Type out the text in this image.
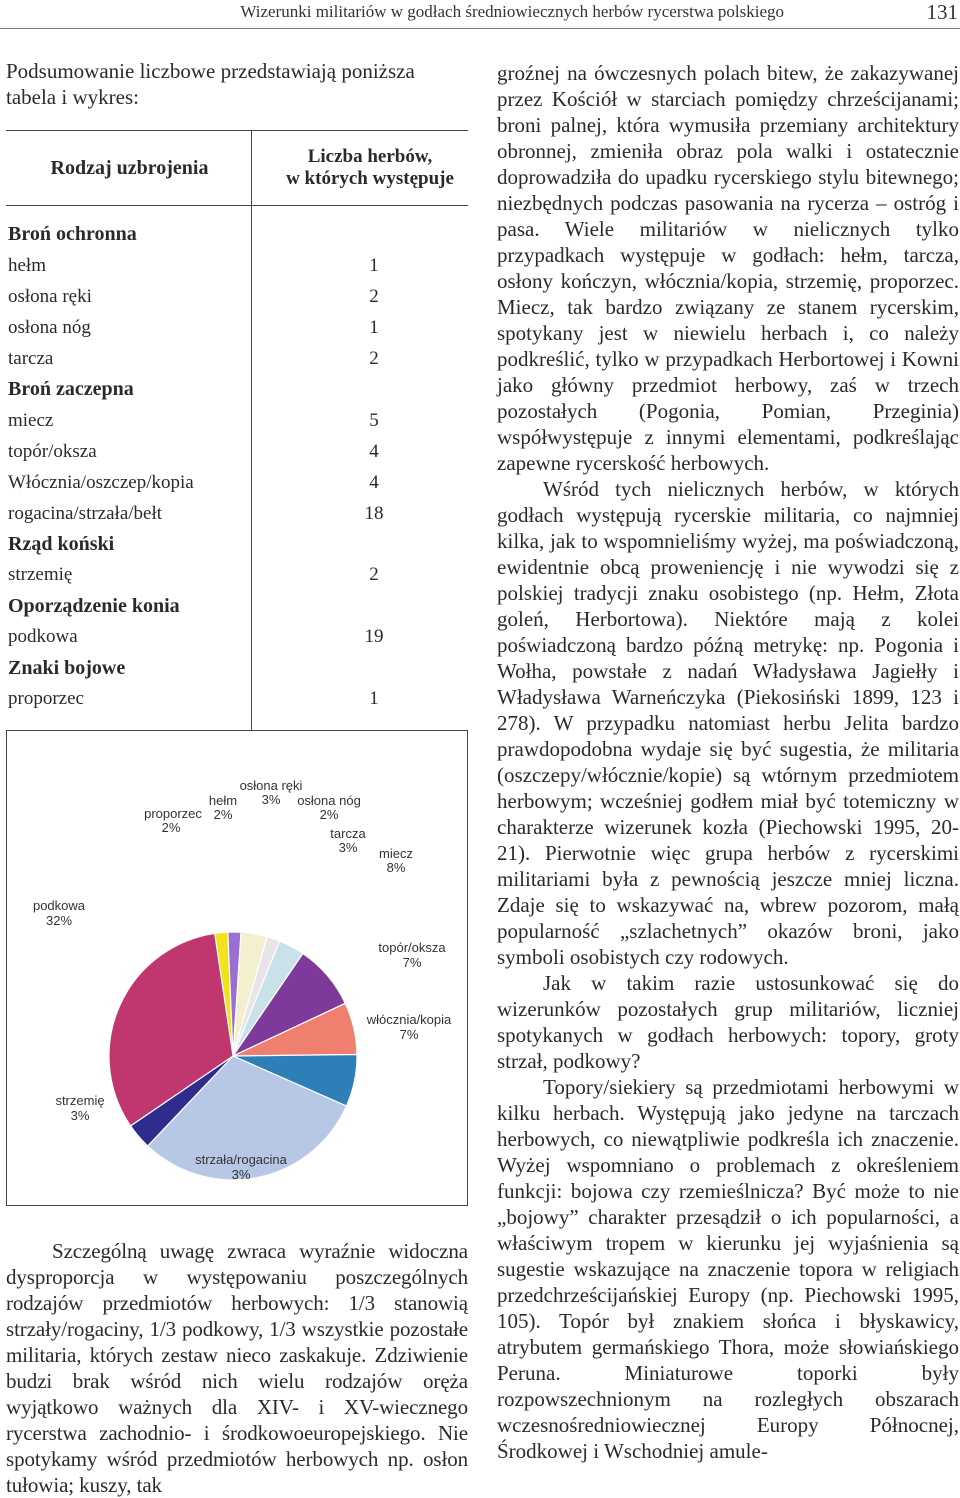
Wizerunki militariów w godłach średniowiecznych herbów rycerstwa polskiego	131

Podsumowanie liczbowe przedstawiają poniższa tabela i wykres:

Rodzaj uzbrojenia	Liczba herbów,
w których występuje

Broń ochronna	
hełm	1
osłona ręki	2
osłona nóg	1
tarcza	2
Broń zaczepna	
miecz	5
topór/oksza	4
Włócznia/oszczep/kopia	4
rogacina/strzała/bełt	18
Rząd koński	
strzemię	2
Oporządzenie konia	
podkowa	19
Znaki bojowe	
proporzec	1

proporzec
2%
hełm
2%
osłona ręki
3% osłona nóg
2%
tarcza
3% miecz
8%
topór/oksza
7%
włócznia/kopia
7%
strzała/rogacina
3%
strzemię
3%
podkowa
32%

Szczególną uwagę zwraca wyraźnie widoczna dysproporcja w występowaniu poszczególnych rodzajów przedmiotów herbowych: 1/3 stanowią strzały/rogaciny, 1/3 podkowy, 1/3 wszystkie pozostałe militaria, których zestaw nieco zaskakuje. Zdziwienie budzi brak wśród nich wielu rodzajów oręża wyjątkowo ważnych dla XIV- i XV-wiecznego rycerstwa zachodnio- i środkowoeuropejskiego. Nie spotykamy wśród przedmiotów herbowych np. osłon tułowia; kuszy, tak

groźnej na ówczesnych polach bitew, że zakazywanej przez Kościół w starciach pomiędzy chrześcijanami; broni palnej, która wymusiła przemiany architektury obronnej, zmieniła obraz pola walki i ostatecznie doprowadziła do upadku rycerskiego stylu bitewnego; niezbędnych podczas pasowania na rycerza – ostróg i pasa. Wiele militariów w nielicznych tylko przypadkach występuje w godłach: hełm, tarcza, osłony kończyn, włócznia/kopia, strzemię, proporzec. Miecz, tak bardzo związany ze stanem rycerskim, spotykany jest w niewielu herbach i, co należy podkreślić, tylko w przypadkach Herbortowej i Kowni jako główny przedmiot herbowy, zaś w trzech pozostałych (Pogonia, Pomian, Przeginia) współwystępuje z innymi elementami, podkreślając zapewne rycerskość herbowych.

Wśród tych nielicznych herbów, w których godłach występują rycerskie militaria, co najmniej kilka, jak to wspomnieliśmy wyżej, ma poświadczoną, ewidentnie obcą proweniencję i nie wywodzi się z polskiej tradycji znaku osobistego (np. Hełm, Złota goleń, Herbortowa). Niektóre mają z kolei poświadczoną bardzo późną metrykę: np. Pogonia i Wołha, powstałe z nadań Władysława Jagiełły i Władysława Warneńczyka (Piekosiński 1899, 123 i 278). W przypadku natomiast herbu Jelita bardzo prawdopodobna wydaje się być sugestia, że militaria (oszczepy/włócznie/kopie) są wtórnym przedmiotem herbowym; wcześniej godłem miał być totemiczny w charakterze wizerunek kozła (Piechowski 1995, 20-21). Pierwotnie więc grupa herbów z rycerskimi militariami była z pewnością jeszcze mniej liczna. Zdaje się to wskazywać na, wbrew pozorom, małą popularność „szlachetnych” okazów broni, jako symboli osobistych czy rodowych.

Jak w takim razie ustosunkować się do wizerunków pozostałych grup militariów, liczniej spotykanych w godłach herbowych: topory, groty strzał, podkowy?

Topory/siekiery są przedmiotami herbowymi w kilku herbach. Występują jako jedyne na tarczach herbowych, co niewątpliwie podkreśla ich znaczenie. Wyżej wspomniano o problemach z określeniem funkcji: bojowa czy rzemieślnicza? Być może to nie „bojowy” charakter przesądził o ich popularności, a właściwym tropem w kierunku jej wyjaśnienia są sugestie wskazujące na znaczenie topora w religiach przedchrześcijańskiej Europy (np. Piechowski 1995, 105). Topór był znakiem słońca i błyskawicy, atrybutem germańskiego Thora, może słowiańskiego Peruna. Miniaturowe toporki były rozpowszechnionym na rozległych obszarach wczesnośredniowiecznej Europy Północnej, Środkowej i Wschodniej amule-
